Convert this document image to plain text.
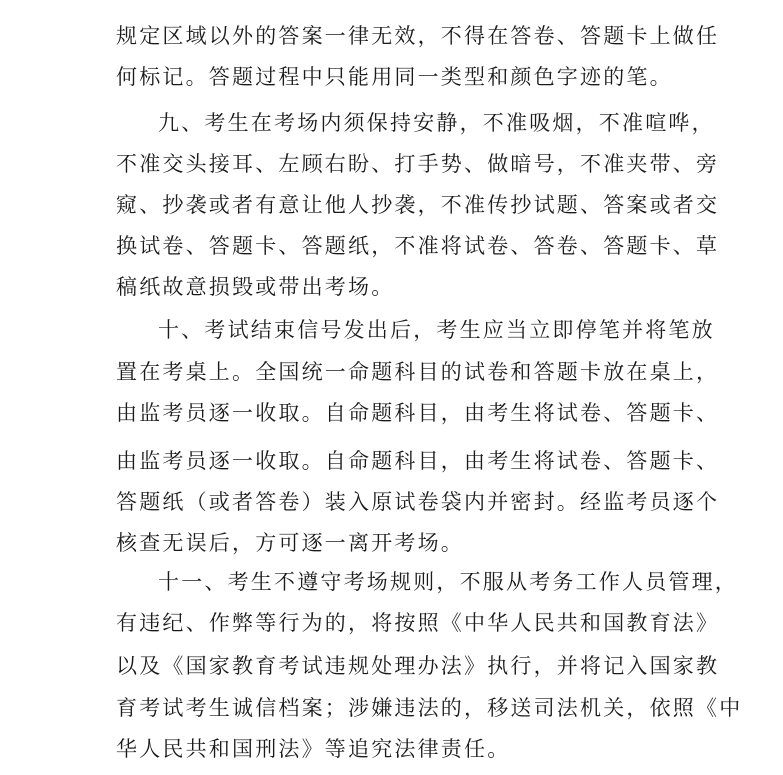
规定区域以外的答案一律无效，不得在答卷、答题卡上做任
何标记。答题过程中只能用同一类型和颜色字迹的笔。
九、考生在考场内须保持安静，不准吸烟，不准喧哗，
不准交头接耳、左顾右盼、打手势、做暗号，不准夹带、旁
窥、抄袭或者有意让他人抄袭，不准传抄试题、答案或者交
换试卷、答题卡、答题纸，不准将试卷、答卷、答题卡、草
稿纸故意损毁或带出考场。
十、考试结束信号发出后，考生应当立即停笔并将笔放
置在考桌上。全国统一命题科目的试卷和答题卡放在桌上，
由监考员逐一收取。自命题科目，由考生将试卷、答题卡、
由监考员逐一收取。自命题科目，由考生将试卷、答题卡、
答题纸（或者答卷）装入原试卷袋内并密封。经监考员逐个
核查无误后，方可逐一离开考场。
十一、考生不遵守考场规则，不服从考务工作人员管理，
有违纪、作弊等行为的，将按照《中华人民共和国教育法》
以及《国家教育考试违规处理办法》执行，并将记入国家教
育考试考生诚信档案；涉嫌违法的，移送司法机关，依照《中
华人民共和国刑法》等追究法律责任。
